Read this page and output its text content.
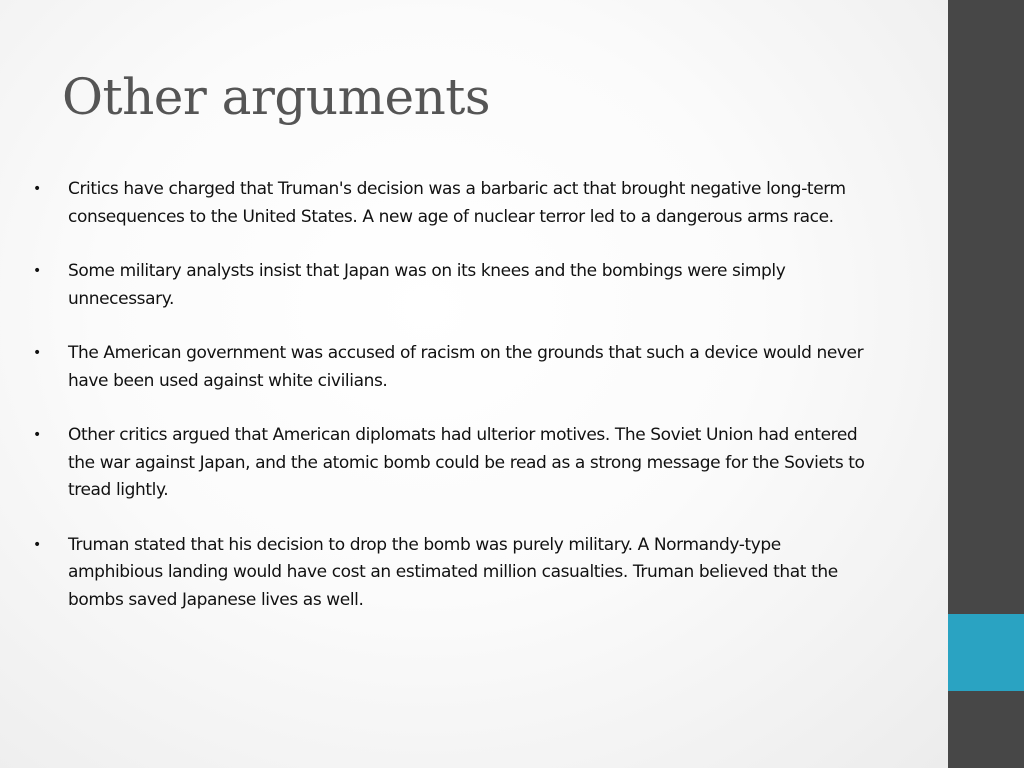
Other arguments
• Critics have charged that Truman's decision was a barbaric act that brought negative long-term consequences to the United States. A new age of nuclear terror led to a dangerous arms race.
• Some military analysts insist that Japan was on its knees and the bombings were simply unnecessary.
• The American government was accused of racism on the grounds that such a device would never have been used against white civilians.
• Other critics argued that American diplomats had ulterior motives. The Soviet Union had entered the war against Japan, and the atomic bomb could be read as a strong message for the Soviets to tread lightly.
• Truman stated that his decision to drop the bomb was purely military. A Normandy-type amphibious landing would have cost an estimated million casualties. Truman believed that the bombs saved Japanese lives as well.
